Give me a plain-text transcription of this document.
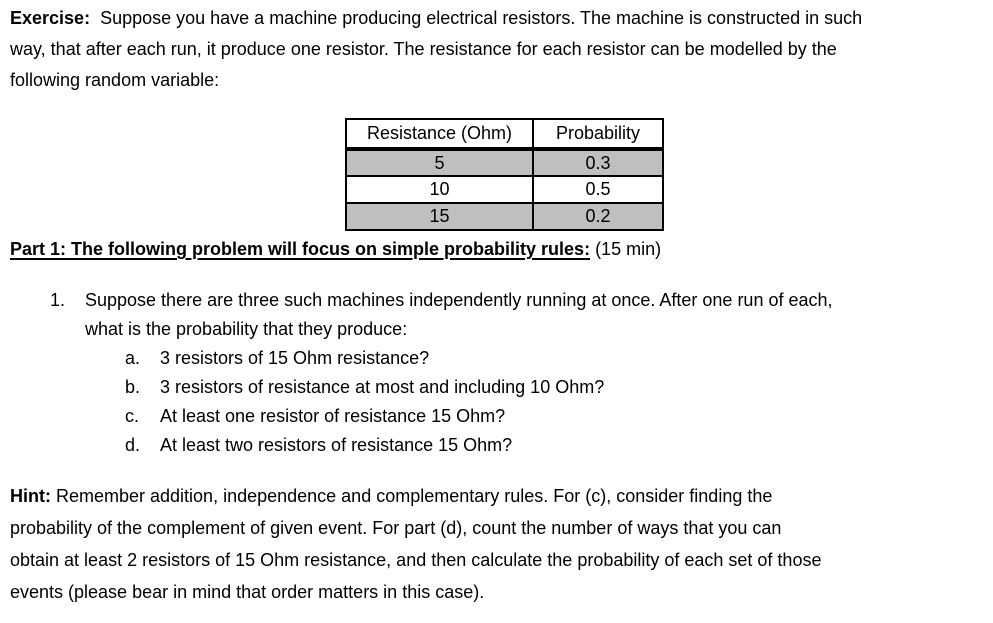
Exercise:  Suppose you have a machine producing electrical resistors. The machine is constructed in such
way, that after each run, it produce one resistor. The resistance for each resistor can be modelled by the
following random variable:
Resistance (Ohm)	Probability
5	0.3
10	0.5
15	0.2
Part 1: The following problem will focus on simple probability rules: (15 min)
1.	Suppose there are three such machines independently running at once. After one run of each,
what is the probability that they produce:
a.	3 resistors of 15 Ohm resistance?
b.	3 resistors of resistance at most and including 10 Ohm?
c.	At least one resistor of resistance 15 Ohm?
d.	At least two resistors of resistance 15 Ohm?
Hint: Remember addition, independence and complementary rules. For (c), consider finding the
probability of the complement of given event. For part (d), count the number of ways that you can
obtain at least 2 resistors of 15 Ohm resistance, and then calculate the probability of each set of those
events (please bear in mind that order matters in this case).
